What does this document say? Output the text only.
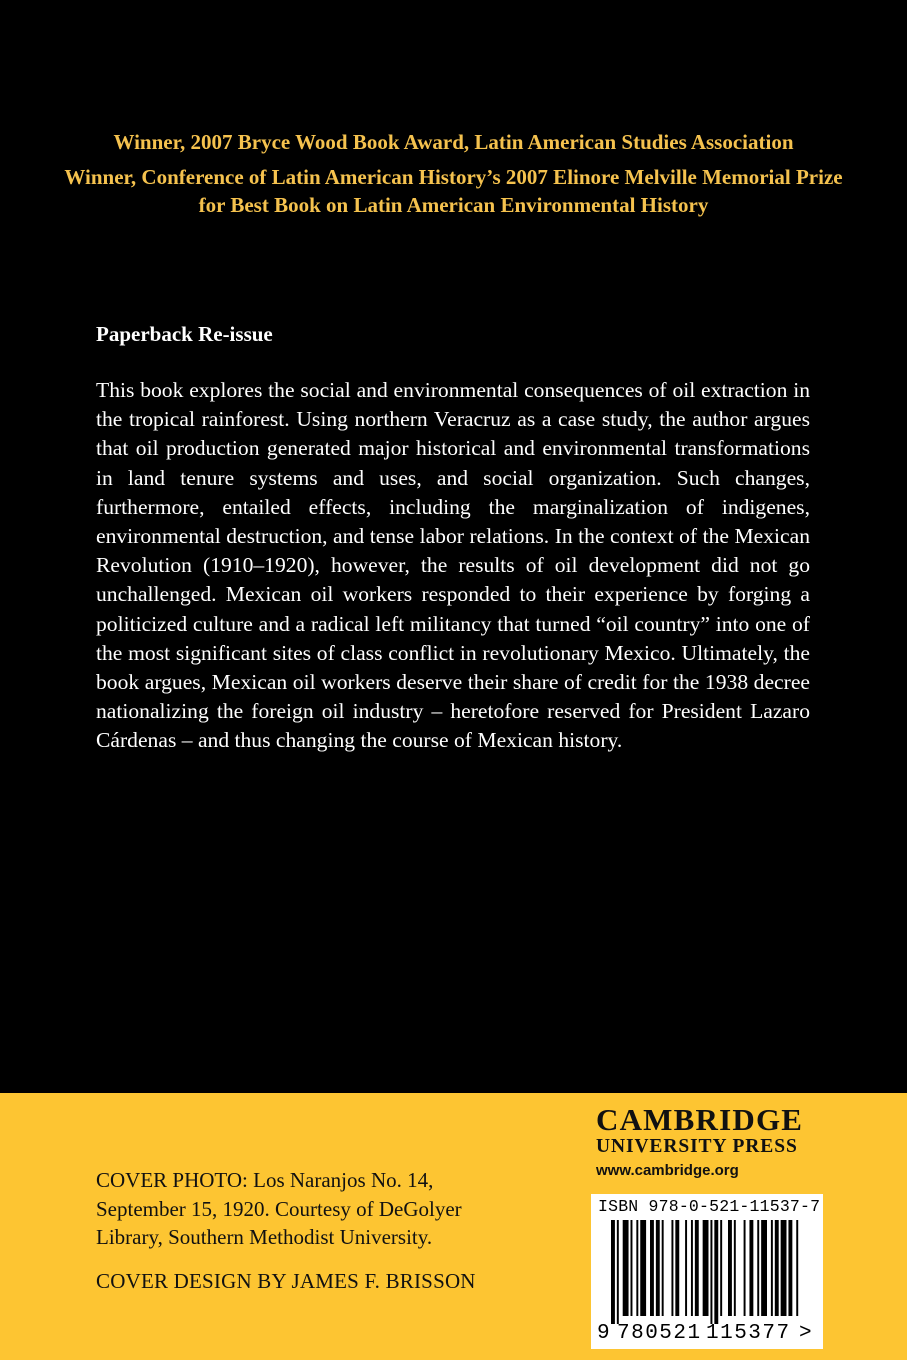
Winner, 2007 Bryce Wood Book Award, Latin American Studies Association

Winner, Conference of Latin American History’s 2007 Elinore Melville Memorial Prize

for Best Book on Latin American Environmental History

Paperback Re-issue

This book explores the social and environmental consequences of oil extraction in the tropical rainforest. Using northern Veracruz as a case study, the author argues that oil production generated major historical and environmental transformations in land tenure systems and uses, and social organization. Such changes, furthermore, entailed effects, including the marginalization of indigenes, environmental destruction, and tense labor relations. In the context of the Mexican Revolution (1910–1920), however, the results of oil development did not go unchallenged. Mexican oil workers responded to their experience by forging a politicized culture and a radical left militancy that turned “oil country” into one of the most significant sites of class conflict in revolutionary Mexico. Ultimately, the book argues, Mexican oil workers deserve their share of credit for the 1938 decree nationalizing the foreign oil industry – heretofore reserved for President Lazaro Cárdenas – and thus changing the course of Mexican history.

COVER PHOTO: Los Naranjos No. 14, September 15, 1920. Courtesy of DeGolyer Library, Southern Methodist University.

COVER DESIGN BY JAMES F. BRISSON

CAMBRIDGE

UNIVERSITY PRESS

www.cambridge.org

ISBN 978-0-521-11537-7

9 780521 115377 >
